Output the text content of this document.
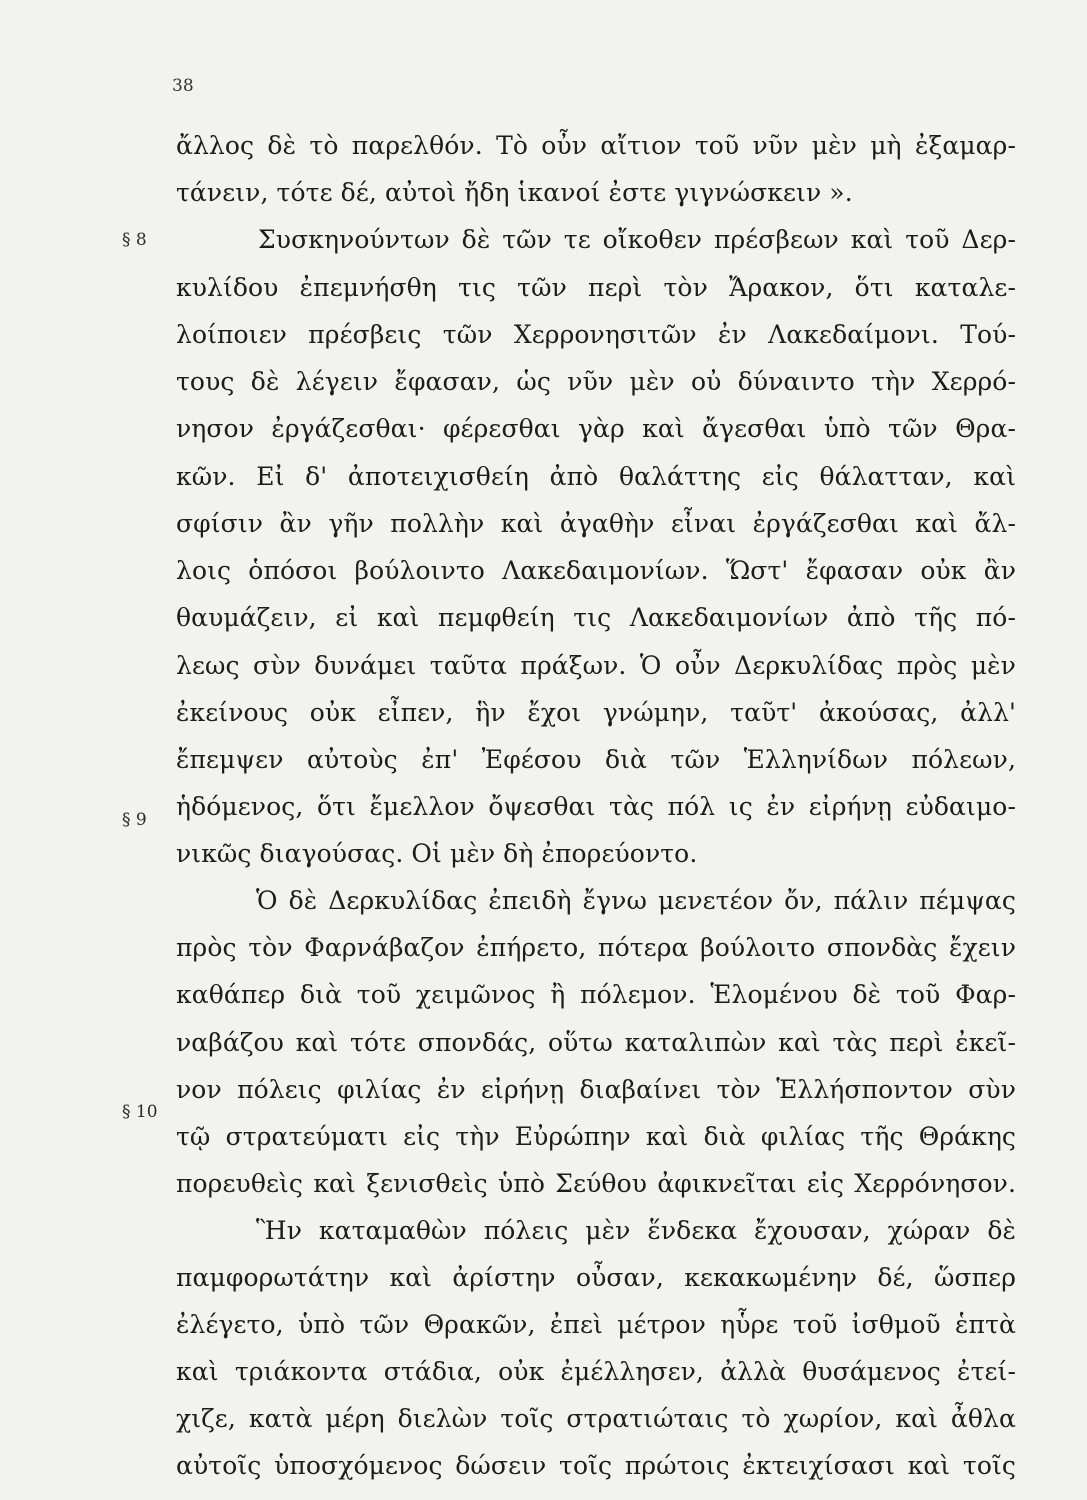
38
§ 8
§ 9
§ 10
ἄλλος δὲ τὸ παρελθόν. Τὸ οὖν αἴτιον τοῦ νῦν μὲν μὴ ἐξαμαρ-
τάνειν, τότε δέ, αὐτοὶ ἤδη ἱκανοί ἐστε γιγνώσκειν ».
Συσκηνούντων δὲ τῶν τε οἴκοθεν πρέσβεων καὶ τοῦ Δερ-
κυλίδου ἐπεμνήσθη τις τῶν περὶ τὸν Ἄρακον, ὅτι καταλε-
λοίποιεν πρέσβεις τῶν Χερρονησιτῶν ἐν Λακεδαίμονι. Τού-
τους δὲ λέγειν ἔφασαν, ὡς νῦν μὲν οὐ δύναιντο τὴν Χερρό-
νησον ἐργάζεσθαι· φέρεσθαι γὰρ καὶ ἄγεσθαι ὑπὸ τῶν Θρα-
κῶν. Εἰ δ' ἀποτειχισθείη ἀπὸ θαλάττης εἰς θάλατταν, καὶ
σφίσιν ἂν γῆν πολλὴν καὶ ἀγαθὴν εἶναι ἐργάζεσθαι καὶ ἄλ-
λοις ὁπόσοι βούλοιντο Λακεδαιμονίων. Ὥστ' ἔφασαν οὐκ ἂν
θαυμάζειν, εἰ καὶ πεμφθείη τις Λακεδαιμονίων ἀπὸ τῆς πό-
λεως σὺν δυνάμει ταῦτα πράξων. Ὁ οὖν Δερκυλίδας πρὸς μὲν
ἐκείνους οὐκ εἶπεν, ἣν ἔχοι γνώμην, ταῦτ' ἀκούσας, ἀλλ'
ἔπεμψεν αὐτοὺς ἐπ' Ἐφέσου διὰ τῶν Ἑλληνίδων πόλεων,
ἡδόμενος, ὅτι ἔμελλον ὄψεσθαι τὰς πόλ ις ἐν εἰρήνῃ εὐδαιμο-
νικῶς διαγούσας. Οἱ μὲν δὴ ἐπορεύοντο.
Ὁ δὲ Δερκυλίδας ἐπειδὴ ἔγνω μενετέον ὄν, πάλιν πέμψας
πρὸς τὸν Φαρνάβαζον ἐπήρετο, πότερα βούλοιτο σπονδὰς ἔχειν
καθάπερ διὰ τοῦ χειμῶνος ἢ πόλεμον. Ἑλομένου δὲ τοῦ Φαρ-
ναβάζου καὶ τότε σπονδάς, οὕτω καταλιπὼν καὶ τὰς περὶ ἐκεῖ-
νον πόλεις φιλίας ἐν εἰρήνῃ διαβαίνει τὸν Ἑλλήσποντον σὺν
τῷ στρατεύματι εἰς τὴν Εὐρώπην καὶ διὰ φιλίας τῆς Θράκης
πορευθεὶς καὶ ξενισθεὶς ὑπὸ Σεύθου ἀφικνεῖται εἰς Χερρόνησον.
Ἣν καταμαθὼν πόλεις μὲν ἕνδεκα ἔχουσαν, χώραν δὲ
παμφορωτάτην καὶ ἀρίστην οὖσαν, κεκακωμένην δέ, ὥσπερ
ἐλέγετο, ὑπὸ τῶν Θρακῶν, ἐπεὶ μέτρον ηὗρε τοῦ ἰσθμοῦ ἑπτὰ
καὶ τριάκοντα στάδια, οὐκ ἐμέλλησεν, ἀλλὰ θυσάμενος ἐτεί-
χιζε, κατὰ μέρη διελὼν τοῖς στρατιώταις τὸ χωρίον, καὶ ἆθλα
αὐτοῖς ὑποσχόμενος δώσειν τοῖς πρώτοις ἐκτειχίσασι καὶ τοῖς
